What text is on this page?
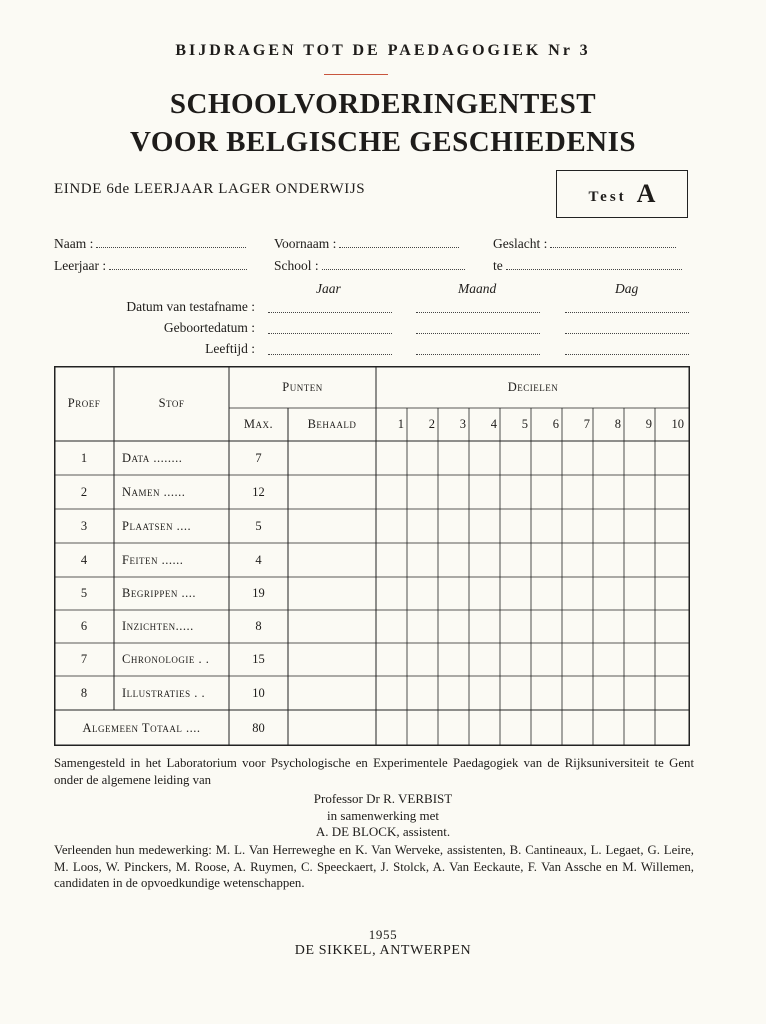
BIJDRAGEN TOT DE PAEDAGOGIEK Nr 3
SCHOOLVORDERINGENTEST
VOOR BELGISCHE GESCHIEDENIS
EINDE 6de LEERJAAR LAGER ONDERWIJS	Test A
Naam :	Voornaam :	Geslacht :
Leerjaar :	School :	te
Jaar	Maand	Dag
Datum van testafname :
Geboortedatum :
Leeftijd :
Proef	Stof
Punten
Max.	Behaald
Decielen
1	2	3	4	5	6	7	8	9	10
1	Data ........	7
2	Namen ......	12
3	Plaatsen ....	5
4	Feiten ......	4
5	Begrippen ....	19
6	Inzichten.....	8
7	Chronologie . .	15
8	Illustraties . .	10
Algemeen Totaal ....	80
Samengesteld in het Laboratorium voor Psychologische en Experimentele Paedagogiek van de Rijksuniversiteit te Gent onder de algemene leiding van
Professor Dr R. VERBIST
in samenwerking met
A. DE BLOCK, assistent.
Verleenden hun medewerking: M. L. Van Herreweghe en K. Van Werveke, assistenten, B. Cantineaux, L. Legaet, G. Leire, M. Loos, W. Pinckers, M. Roose, A. Ruymen, C. Speeckaert, J. Stolck, A. Van Eeckaute, F. Van Assche en M. Willemen, candidaten in de opvoedkundige wetenschappen.
1955
DE SIKKEL, ANTWERPEN
